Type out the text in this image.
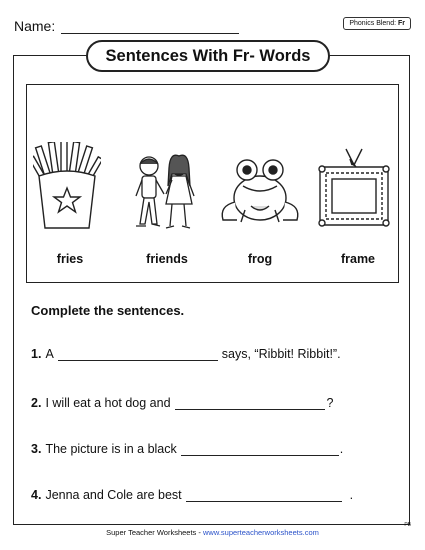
Name:	Phonics Blend: Fr
Sentences With Fr- Words
fries	friends	frog	frame
Complete the sentences.
1. A	says, “Ribbit! Ribbit!”.
2. I will eat a hot dog and	?
3. The picture is in a black	.
4. Jenna and Cole are best	.
Super Teacher Worksheets - www.superteacherworksheets.com
PB
